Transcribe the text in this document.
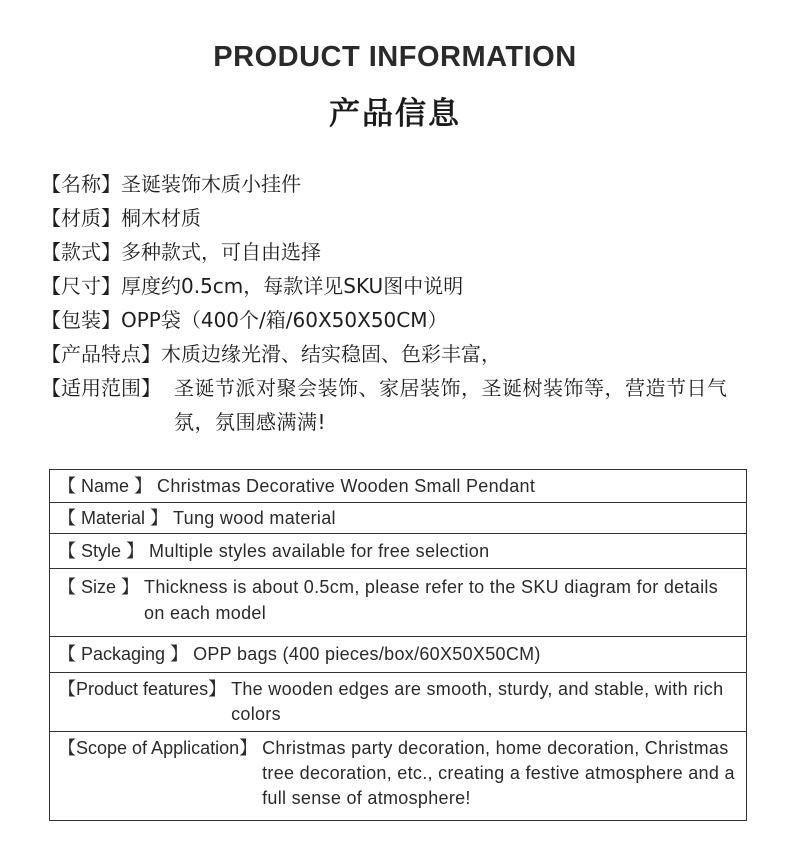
PRODUCT INFORMATION
产品信息
【名称】圣诞装饰木质小挂件
【材质】桐木材质
【款式】多种款式，可自由选择
【尺寸】厚度约0.5cm，每款详见SKU图中说明
【包装】OPP袋（400个/箱/60X50X50CM）
【产品特点】木质边缘光滑、结实稳固、色彩丰富，
【适用范围】 圣诞节派对聚会装饰、家居装饰，圣诞树装饰等，营造节日气氛，氛围感满满!
【 Name 】 Christmas Decorative Wooden Small Pendant

【 Material 】 Tung wood material

【 Style 】 Multiple styles available for free selection

【 Size 】 Thickness is about 0.5cm, please refer to the SKU diagram for details on each model

【 Packaging 】 OPP bags (400 pieces/box/60X50X50CM)

【Product features】 The wooden edges are smooth, sturdy, and stable, with rich colors

【Scope of Application】 Christmas party decoration, home decoration, Christmas tree decoration, etc., creating a festive atmosphere and a full sense of atmosphere!
